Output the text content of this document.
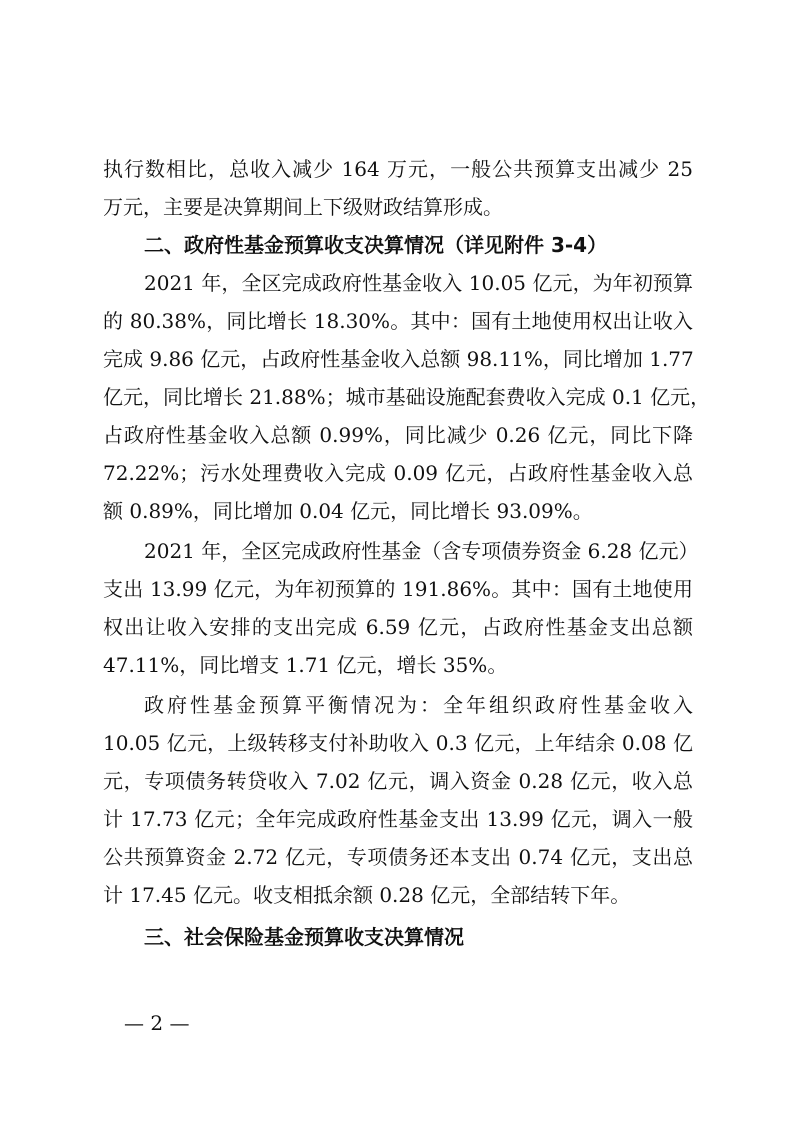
执行数相比，总收入减少 164 万元，一般公共预算支出减少 25
万元，主要是决算期间上下级财政结算形成。
二、政府性基金预算收支决算情况（详见附件 3-4）
2021 年，全区完成政府性基金收入 10.05 亿元，为年初预算
的 80.38%，同比增长 18.30%。其中：国有土地使用权出让收入
完成 9.86 亿元，占政府性基金收入总额 98.11%，同比增加 1.77
亿元，同比增长 21.88%；城市基础设施配套费收入完成 0.1 亿元，
占政府性基金收入总额 0.99%，同比减少 0.26 亿元，同比下降
72.22%；污水处理费收入完成 0.09 亿元，占政府性基金收入总
额 0.89%，同比增加 0.04 亿元，同比增长 93.09%。
2021 年，全区完成政府性基金（含专项债券资金 6.28 亿元）
支出 13.99 亿元，为年初预算的 191.86%。其中：国有土地使用
权出让收入安排的支出完成 6.59 亿元，占政府性基金支出总额
47.11%，同比增支 1.71 亿元，增长 35%。
政府性基金预算平衡情况为：全年组织政府性基金收入
10.05 亿元，上级转移支付补助收入 0.3 亿元，上年结余 0.08 亿
元，专项债务转贷收入 7.02 亿元，调入资金 0.28 亿元，收入总
计 17.73 亿元；全年完成政府性基金支出 13.99 亿元，调入一般
公共预算资金 2.72 亿元，专项债务还本支出 0.74 亿元，支出总
计 17.45 亿元。收支相抵余额 0.28 亿元，全部结转下年。
三、社会保险基金预算收支决算情况
— 2 —
